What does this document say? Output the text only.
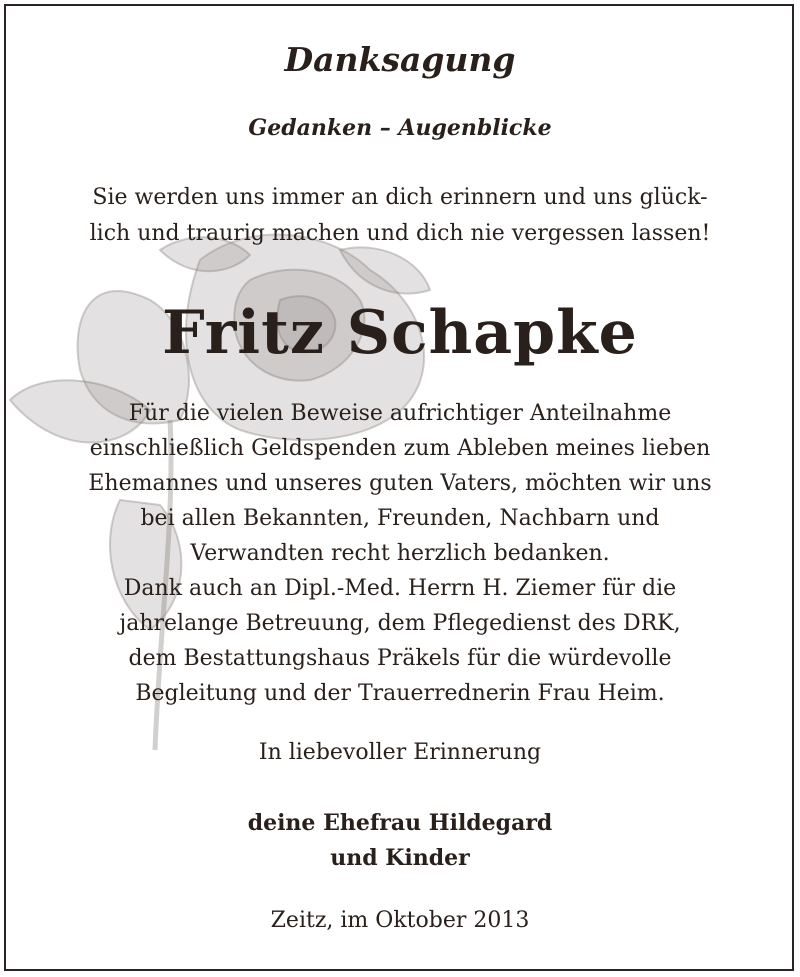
Danksagung
Gedanken – Augenblicke
Sie werden uns immer an dich erinnern und uns glück-
lich und traurig machen und dich nie vergessen lassen!
Fritz Schapke
Für die vielen Beweise aufrichtiger Anteilnahme
einschließlich Geldspenden zum Ableben meines lieben
Ehemannes und unseres guten Vaters, möchten wir uns
bei allen Bekannten, Freunden, Nachbarn und
Verwandten recht herzlich bedanken.
Dank auch an Dipl.-Med. Herrn H. Ziemer für die
jahrelange Betreuung, dem Pflegedienst des DRK,
dem Bestattungshaus Präkels für die würdevolle
Begleitung und der Trauerrednerin Frau Heim.
In liebevoller Erinnerung
deine Ehefrau Hildegard
und Kinder
Zeitz, im Oktober 2013
